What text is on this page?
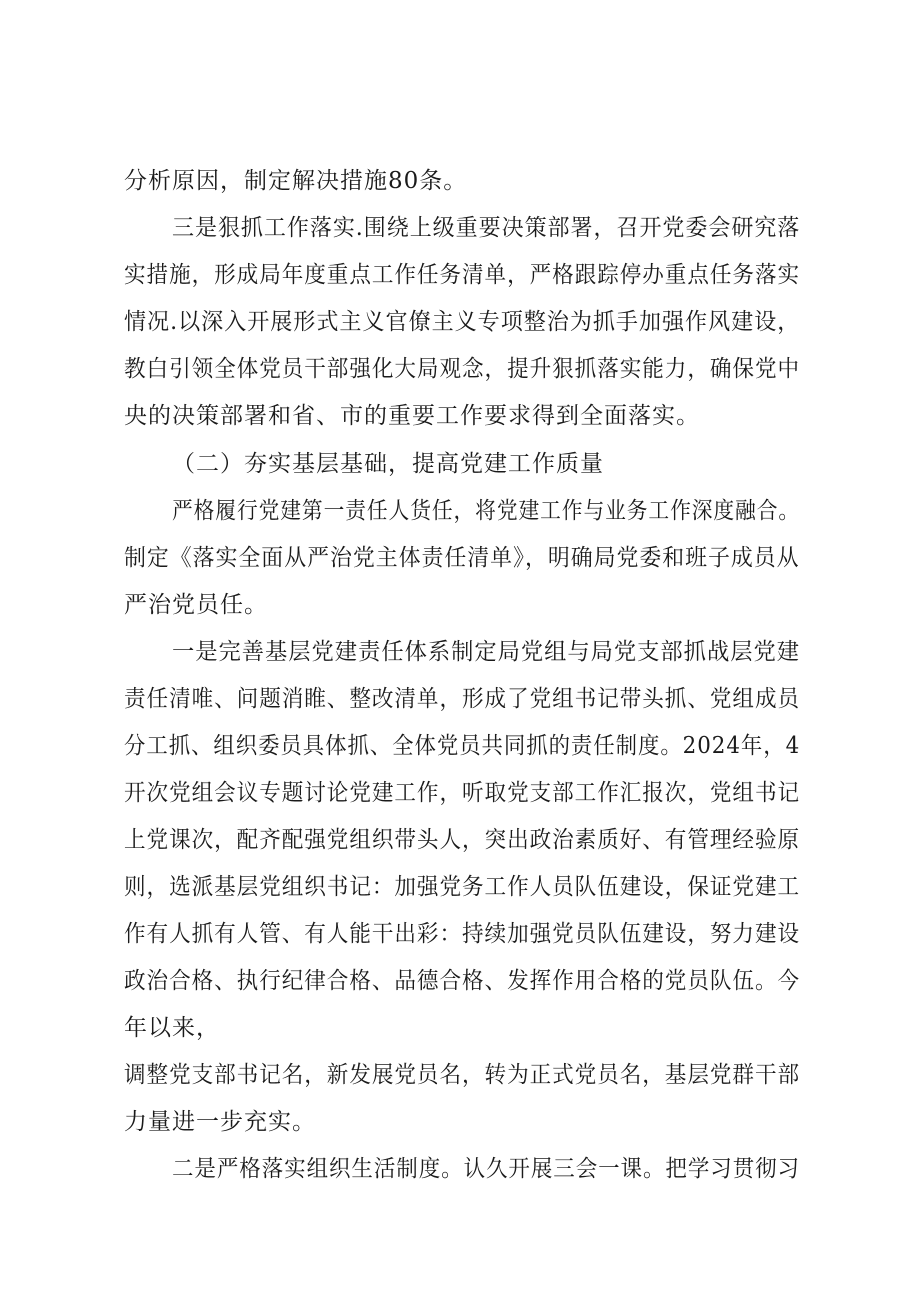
分析原因，制定解决措施80条。
三是狠抓工作落实.围绕上级重要决策部署，召开党委会研究落
实措施，形成局年度重点工作任务清单，严格跟踪停办重点任务落实
情况.以深入开展形式主义官僚主义专项整治为抓手加强作风建设，
教白引领全体党员干部强化大局观念，提升狠抓落实能力，确保党中
央的决策部署和省、市的重要工作要求得到全面落实。
（二）夯实基层基础，提高党建工作质量
严格履行党建第一责任人货任，将党建工作与业务工作深度融合。
制定《落实全面从严治党主体责任清单》，明确局党委和班子成员从
严治党员任。
一是完善基层党建责任体系制定局党组与局党支部抓战层党建
责任清唯、问题消睢、整改清单，形成了党组书记带头抓、党组成员
分工抓、组织委员具体抓、全体党员共同抓的责任制度。2024年，4
开次党组会议专题讨论党建工作，听取党支部工作汇报次，党组书记
上党课次，配齐配强党组织带头人，突出政治素质好、有管理经验原
则，选派基层党组织书记：加强党务工作人员队伍建设，保证党建工
作有人抓有人管、有人能干出彩：持续加强党员队伍建设，努力建设
政治合格、执行纪律合格、品德合格、发挥作用合格的党员队伍。今
年以来，
调整党支部书记名，新发展党员名，转为正式党员名，基层党群干部
力量进一步充实。
二是严格落实组织生活制度。认久开展三会一课。把学习贯彻习
